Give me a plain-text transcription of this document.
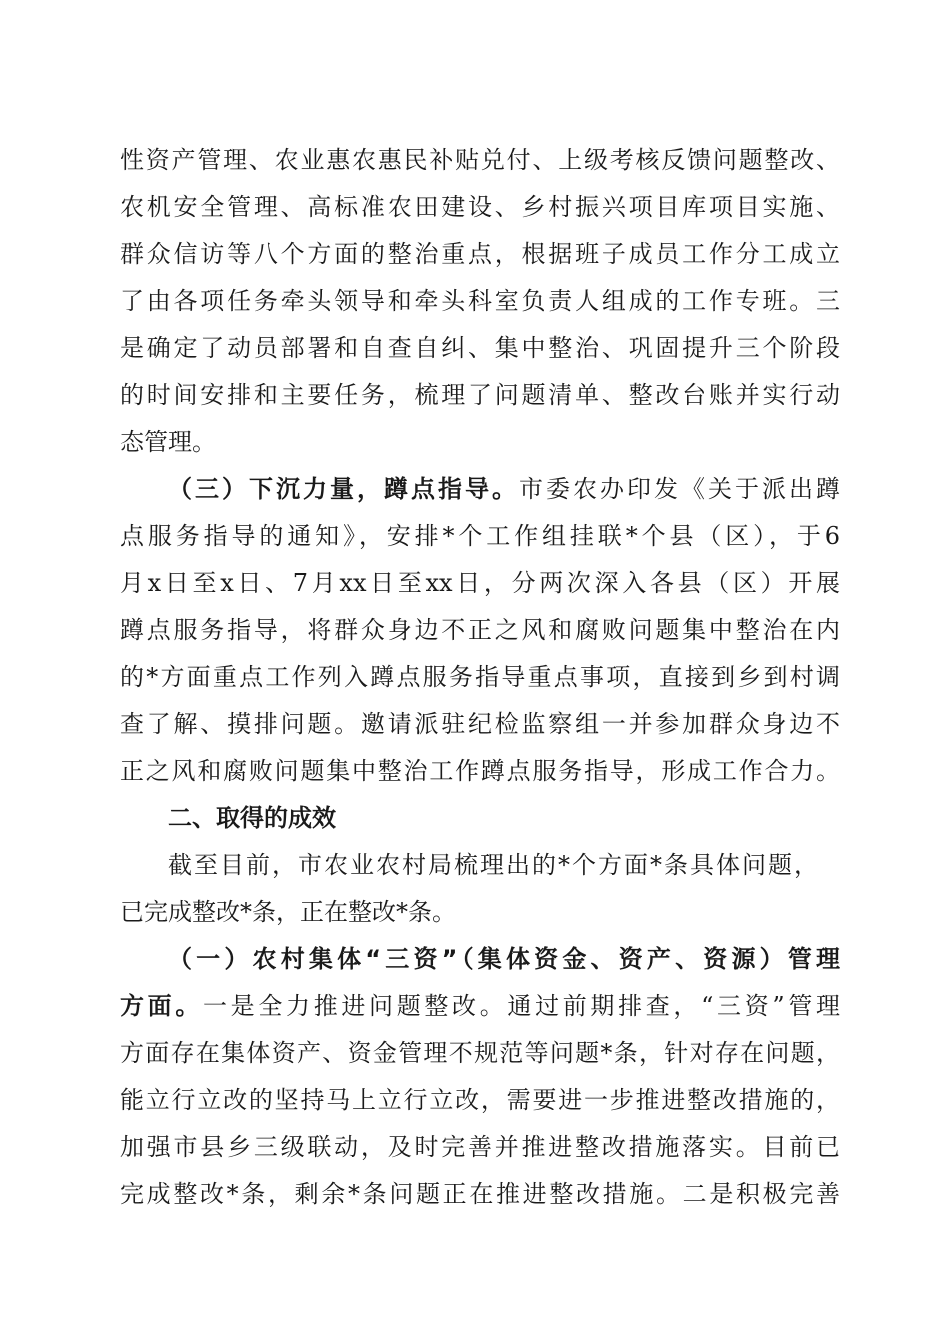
性资产管理、农业惠农惠民补贴兑付、上级考核反馈问题整改、
农机安全管理、高标准农田建设、乡村振兴项目库项目实施、
群众信访等八个方面的整治重点，根据班子成员工作分工成立
了由各项任务牵头领导和牵头科室负责人组成的工作专班。三
是确定了动员部署和自查自纠、集中整治、巩固提升三个阶段
的时间安排和主要任务，梳理了问题清单、整改台账并实行动
态管理。
（三）下沉力量，蹲点指导。市委农办印发《关于派出蹲
点服务指导的通知》，安排*个工作组挂联*个县（区），于6
月x日至x日、7月xx日至xx日，分两次深入各县（区）开展
蹲点服务指导，将群众身边不正之风和腐败问题集中整治在内
的*方面重点工作列入蹲点服务指导重点事项，直接到乡到村调
查了解、摸排问题。邀请派驻纪检监察组一并参加群众身边不
正之风和腐败问题集中整治工作蹲点服务指导，形成工作合力。
二、取得的成效
截至目前，市农业农村局梳理出的*个方面*条具体问题，
已完成整改*条，正在整改*条。
（一）农村集体“三资”（集体资金、资产、资源）管理
方面。一是全力推进问题整改。通过前期排查，“三资”管理
方面存在集体资产、资金管理不规范等问题*条，针对存在问题，
能立行立改的坚持马上立行立改，需要进一步推进整改措施的，
加强市县乡三级联动，及时完善并推进整改措施落实。目前已
完成整改*条，剩余*条问题正在推进整改措施。二是积极完善
